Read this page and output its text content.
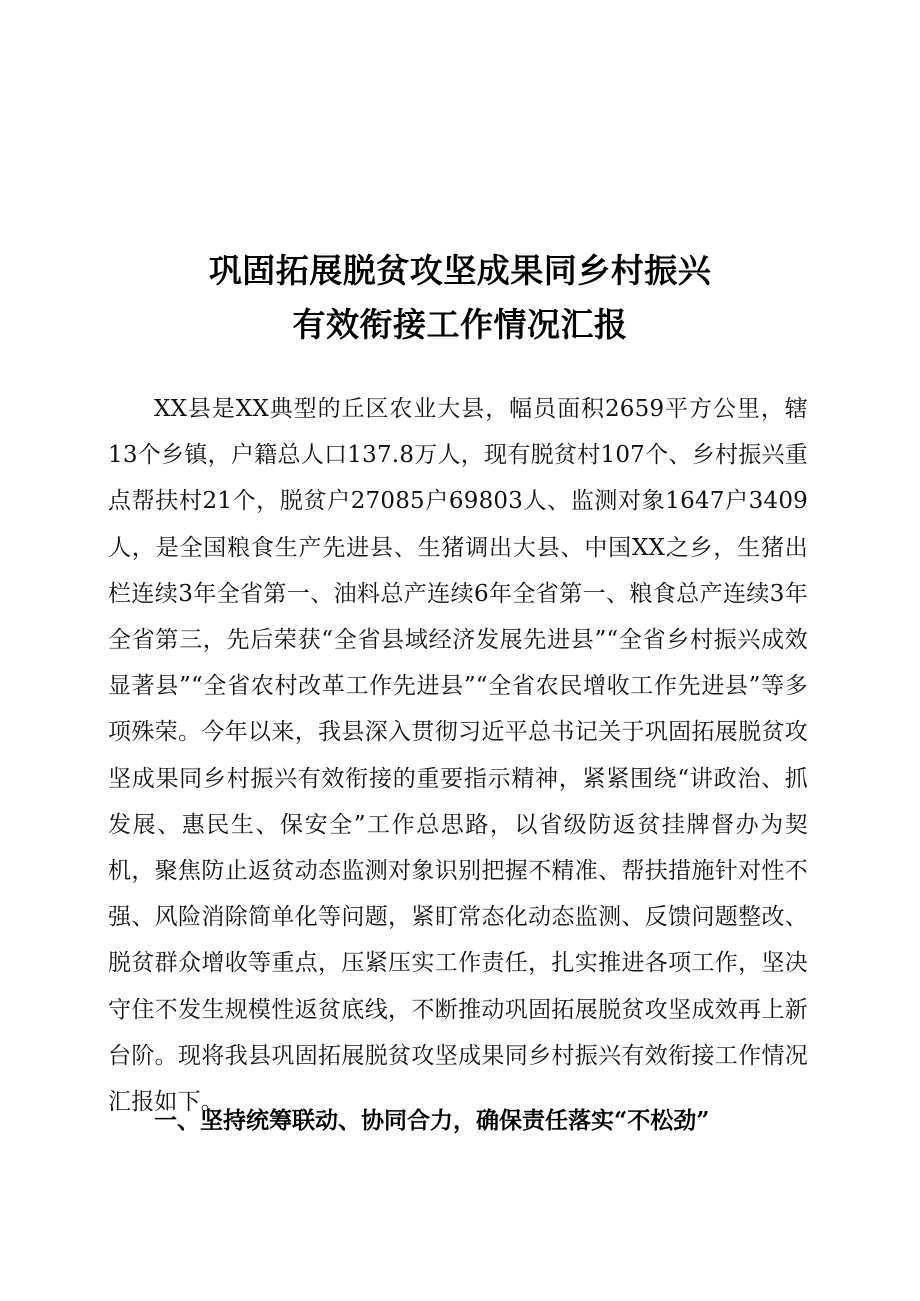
巩固拓展脱贫攻坚成果同乡村振兴
有效衔接工作情况汇报

XX县是XX典型的丘区农业大县，幅员面积2659平方公里，辖13个乡镇，户籍总人口137.8万人，现有脱贫村107个、乡村振兴重点帮扶村21个，脱贫户27085户69803人、监测对象1647户3409人，是全国粮食生产先进县、生猪调出大县、中国XX之乡，生猪出栏连续3年全省第一、油料总产连续6年全省第一、粮食总产连续3年全省第三，先后荣获“全省县域经济发展先进县”“全省乡村振兴成效显著县”“全省农村改革工作先进县”“全省农民增收工作先进县”等多项殊荣。今年以来，我县深入贯彻习近平总书记关于巩固拓展脱贫攻坚成果同乡村振兴有效衔接的重要指示精神，紧紧围绕“讲政治、抓发展、惠民生、保安全”工作总思路，以省级防返贫挂牌督办为契机，聚焦防止返贫动态监测对象识别把握不精准、帮扶措施针对性不强、风险消除简单化等问题，紧盯常态化动态监测、反馈问题整改、脱贫群众增收等重点，压紧压实工作责任，扎实推进各项工作，坚决守住不发生规模性返贫底线，不断推动巩固拓展脱贫攻坚成效再上新台阶。现将我县巩固拓展脱贫攻坚成果同乡村振兴有效衔接工作情况汇报如下。

一、坚持统筹联动、协同合力，确保责任落实“不松劲”
